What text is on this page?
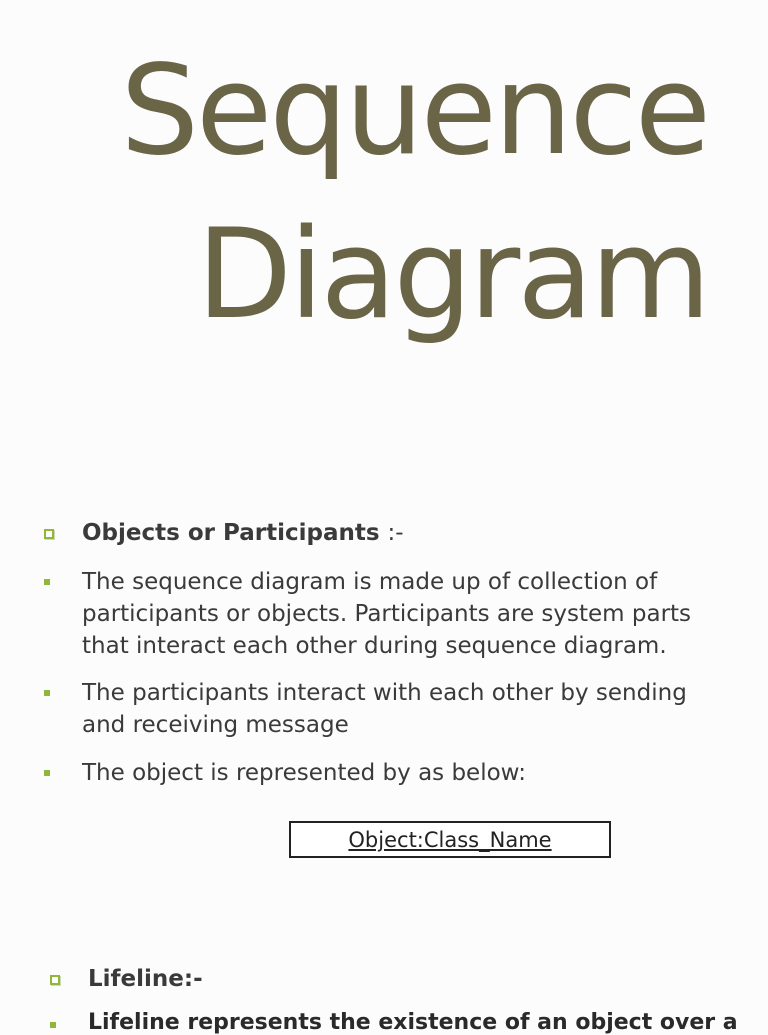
Sequence
Diagram
Objects or Participants :-
The sequence diagram is made up of collection of participants or objects. Participants are system parts that interact each other during sequence diagram.
The participants interact with each other by sending and receiving message
The object is represented by as below:
Object:Class_Name
Lifeline:-
Lifeline represents the existence of an object over a
